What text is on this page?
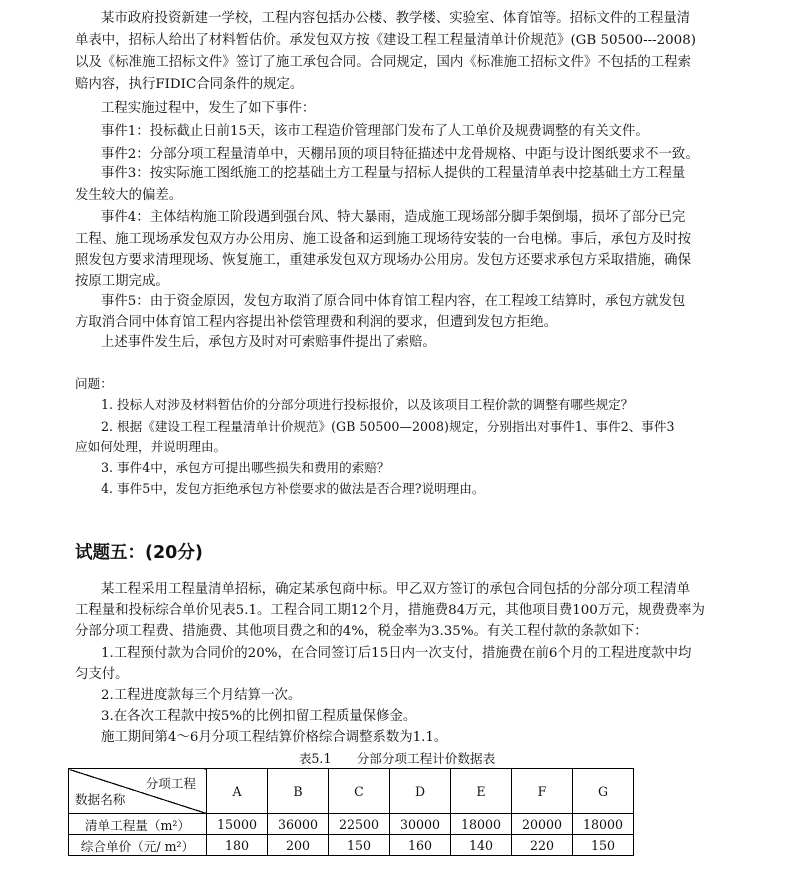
某市政府投资新建一学校，工程内容包括办公楼、教学楼、实验室、体育馆等。招标文件的工程量清
单表中，招标人给出了材料暂估价。承发包双方按《建设工程工程量清单计价规范》(GB 50500---2008)
以及《标准施工招标文件》签订了施工承包合同。合同规定，国内《标准施工招标文件》不包括的工程索
赔内容，执行FIDIC合同条件的规定。
工程实施过程中，发生了如下事件：
事件1：投标截止日前15天，该市工程造价管理部门发布了人工单价及规费调整的有关文件。
事件2：分部分项工程量清单中，天棚吊顶的项目特征描述中龙骨规格、中距与设计图纸要求不一致。
事件3：按实际施工图纸施工的挖基础土方工程量与招标人提供的工程量清单表中挖基础土方工程量
发生较大的偏差。
事件4：主体结构施工阶段遇到强台风、特大暴雨，造成施工现场部分脚手架倒塌，损坏了部分已完
工程、施工现场承发包双方办公用房、施工设备和运到施工现场待安装的一台电梯。事后，承包方及时按
照发包方要求清理现场、恢复施工，重建承发包双方现场办公用房。发包方还要求承包方采取措施，确保
按原工期完成。
事件5：由于资金原因，发包方取消了原合同中体育馆工程内容，在工程竣工结算时，承包方就发包
方取消合同中体育馆工程内容提出补偿管理费和利润的要求，但遭到发包方拒绝。
上述事件发生后，承包方及时对可索赔事件提出了索赔。
问题：
1. 投标人对涉及材料暂估价的分部分项进行投标报价，以及该项目工程价款的调整有哪些规定？
2. 根据《建设工程工程量清单计价规范》(GB 50500—2008)规定，分别指出对事件1、事件2、事件3
应如何处理，并说明理由。
3. 事件4中，承包方可提出哪些损失和费用的索赔？
4. 事件5中，发包方拒绝承包方补偿要求的做法是否合理?说明理由。
试题五：(20分)
某工程采用工程量清单招标，确定某承包商中标。甲乙双方签订的承包合同包括的分部分项工程清单
工程量和投标综合单价见表5.1。工程合同工期12个月，措施费84万元，其他项目费100万元，规费费率为
分部分项工程费、措施费、其他项目费之和的4%，税金率为3.35%。有关工程付款的条款如下：
1.工程预付款为合同价的20%，在合同签订后15日内一次支付，措施费在前6个月的工程进度款中均
匀支付。
2.工程进度款每三个月结算一次。
3.在各次工程款中按5%的比例扣留工程质量保修金。
施工期间第4～6月分项工程结算价格综合调整系数为1.1。
表5.1　　分部分项工程计价数据表
分项工程
数据名称	A	B	C	D	E	F	G
清单工程量（m²）	15000	36000	22500	30000	18000	20000	18000
综合单价（元/ m²）	180	200	150	160	140	220	150
